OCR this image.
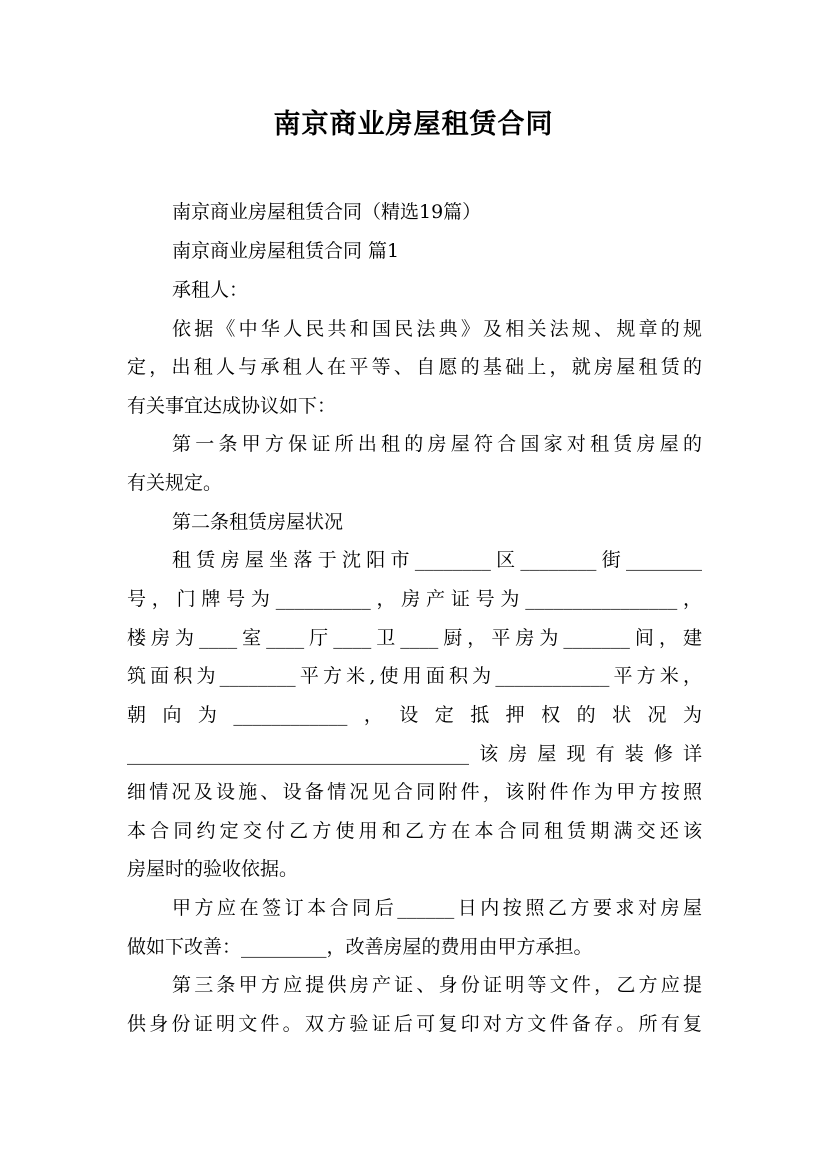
南京商业房屋租赁合同

南京商业房屋租赁合同（精选19篇）

南京商业房屋租赁合同 篇1

承租人：

依据《中华人民共和国民法典》及相关法规、规章的规

定，出租人与承租人在平等、自愿的基础上，就房屋租赁的

有关事宜达成协议如下：

第一条甲方保证所出租的房屋符合国家对租赁房屋的

有关规定。

第二条租赁房屋状况

租赁房屋坐落于沈阳市________区________街________

号，门牌号为__________，房产证号为________________，

楼房为____室____厅____卫____厨，平房为_______间，建

筑面积为________平方米,使用面积为____________平方米，

朝向为____________，设定抵押权的状况为

____________________________________该房屋现有装修详

细情况及设施、设备情况见合同附件，该附件作为甲方按照

本合同约定交付乙方使用和乙方在本合同租赁期满交还该

房屋时的验收依据。

甲方应在签订本合同后______日内按照乙方要求对房屋

做如下改善：_________，改善房屋的费用由甲方承担。

第三条甲方应提供房产证、身份证明等文件，乙方应提

供身份证明文件。双方验证后可复印对方文件备存。所有复
